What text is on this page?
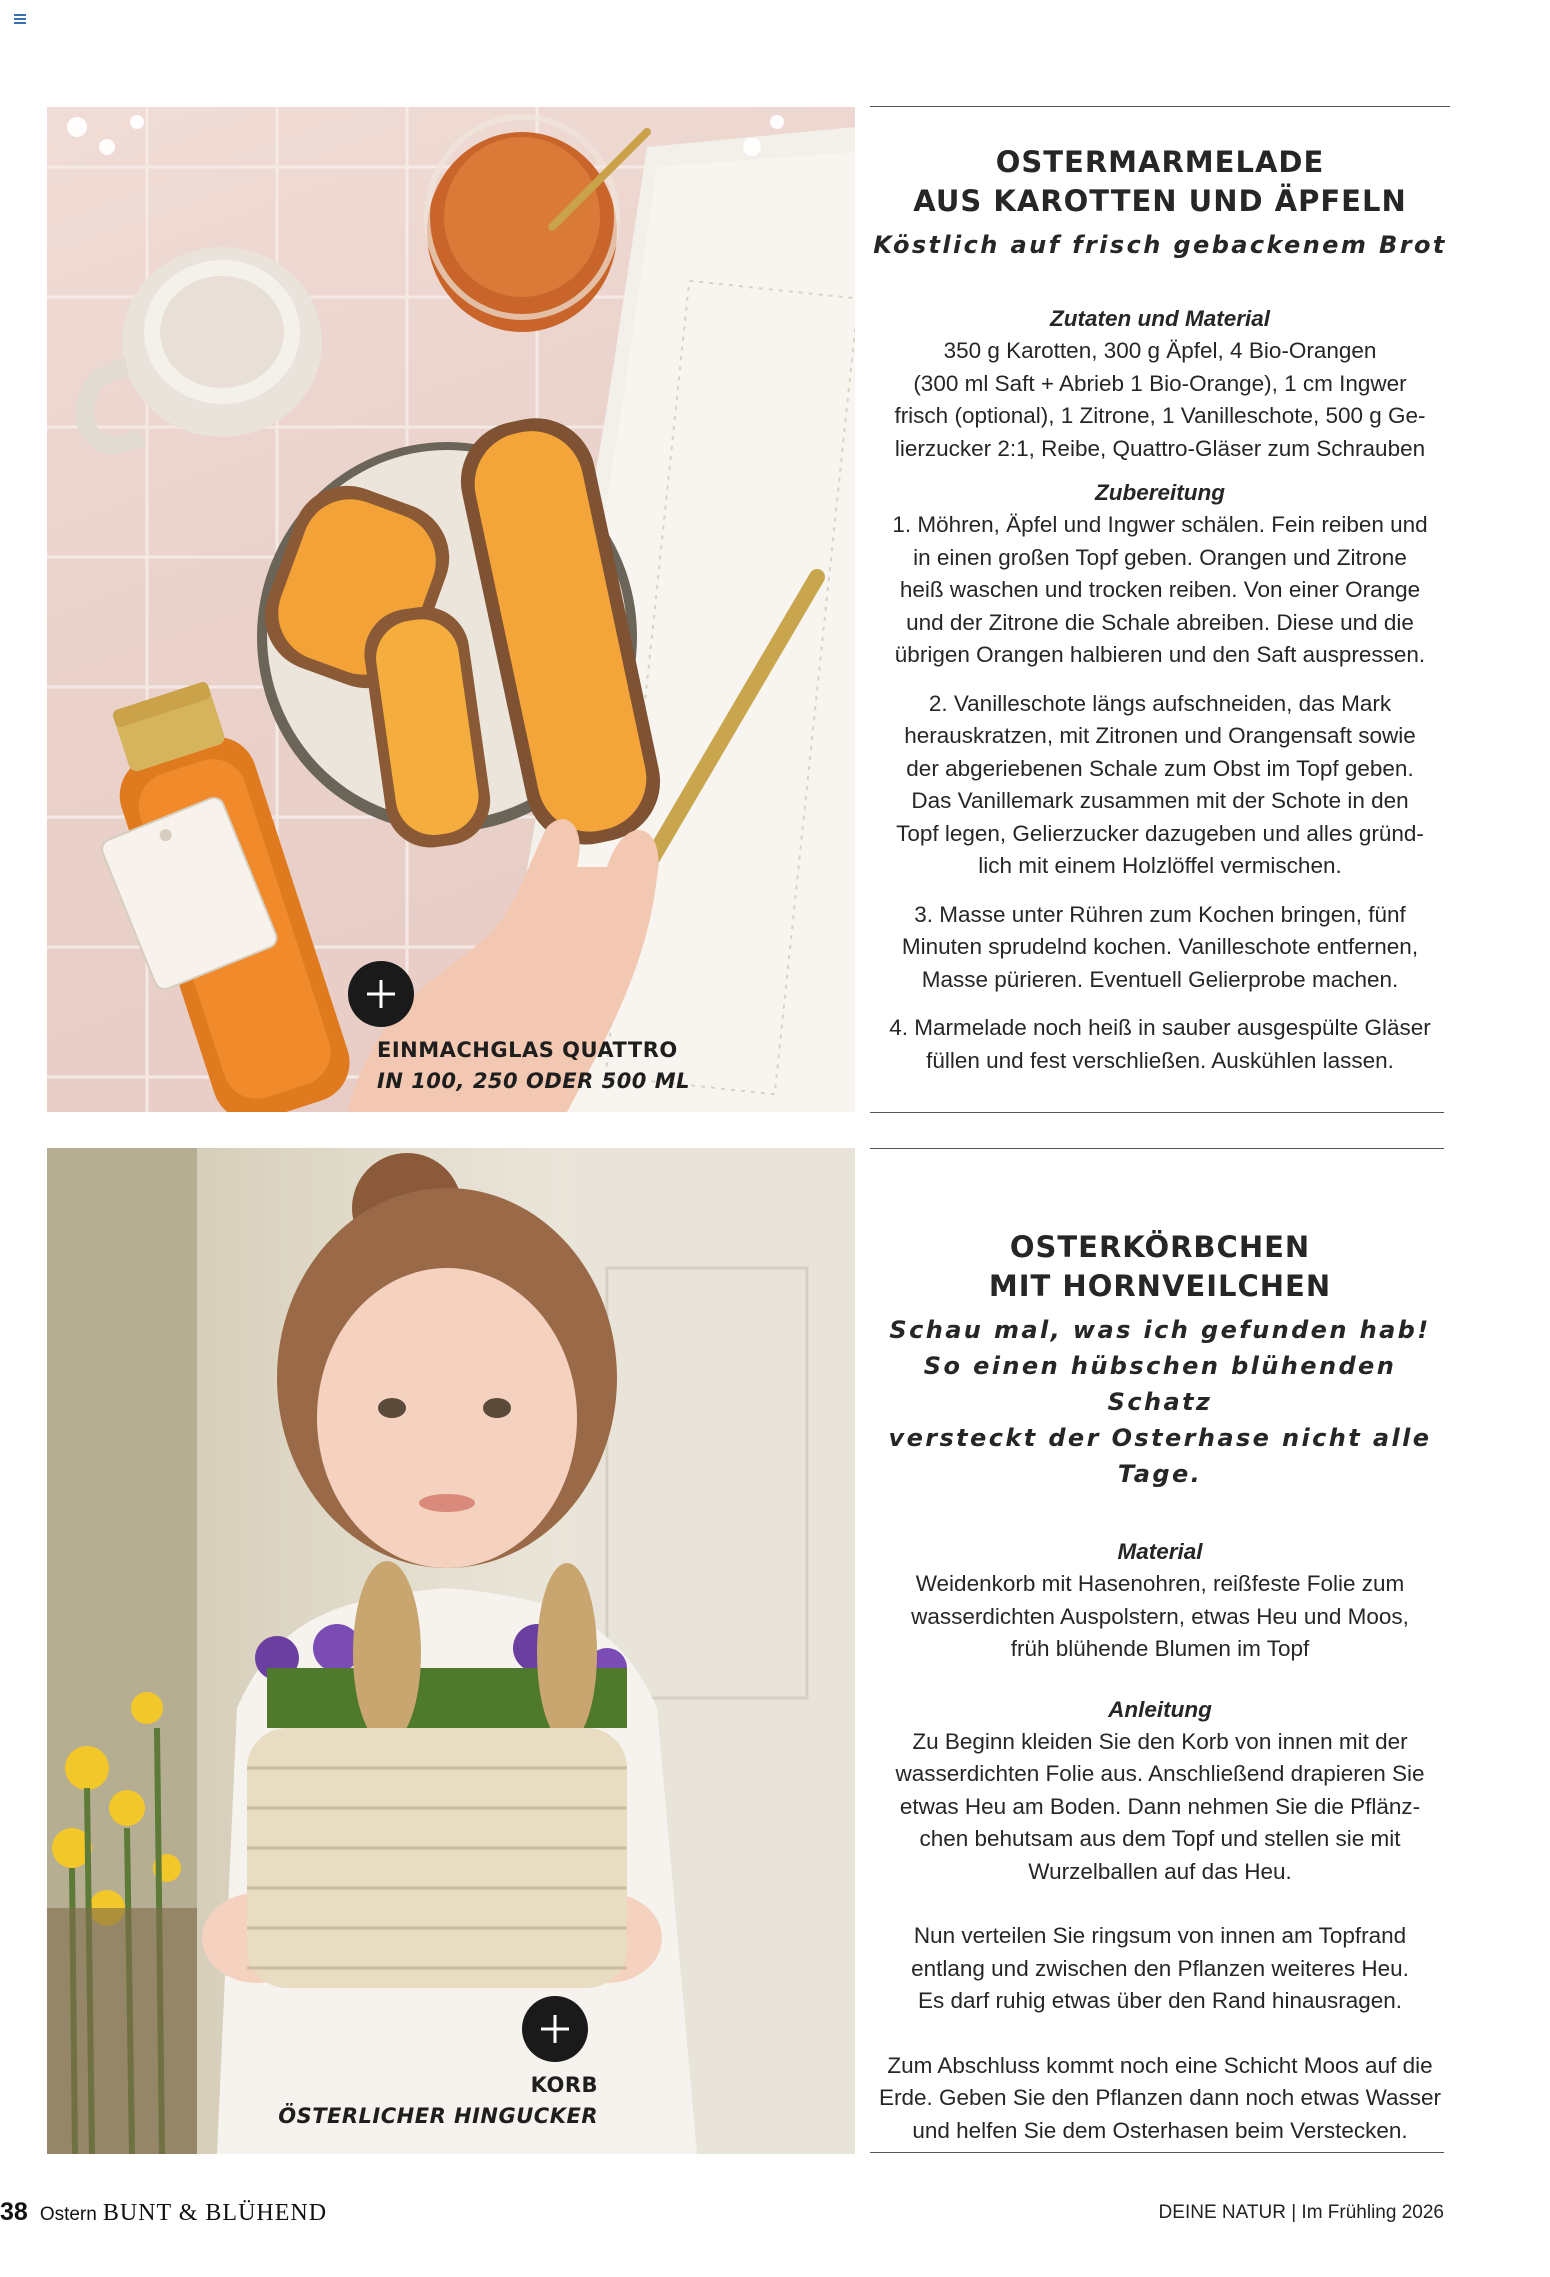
EINMACHGLAS QUATTRO
IN 100, 250 ODER 500 ML
OSTERMARMELADE
AUS KAROTTEN UND ÄPFELN
Köstlich auf frisch gebackenem Brot
Zutaten und Material
350 g Karotten, 300 g Äpfel, 4 Bio-Orangen
(300 ml Saft + Abrieb 1 Bio-Orange), 1 cm Ingwer
frisch (optional), 1 Zitrone, 1 Vanilleschote, 500 g Ge-
lierzucker 2:1, Reibe, Quattro-Gläser zum Schrauben
Zubereitung
1. Möhren, Äpfel und Ingwer schälen. Fein reiben und
in einen großen Topf geben. Orangen und Zitrone
heiß waschen und trocken reiben. Von einer Orange
und der Zitrone die Schale abreiben. Diese und die
übrigen Orangen halbieren und den Saft auspressen.
2. Vanilleschote längs aufschneiden, das Mark
herauskratzen, mit Zitronen und Orangensaft sowie
der abgeriebenen Schale zum Obst im Topf geben.
Das Vanillemark zusammen mit der Schote in den
Topf legen, Gelierzucker dazugeben und alles gründ-
lich mit einem Holzlöffel vermischen.
3. Masse unter Rühren zum Kochen bringen, fünf
Minuten sprudelnd kochen. Vanilleschote entfernen,
Masse pürieren. Eventuell Gelierprobe machen.
4. Marmelade noch heiß in sauber ausgespülte Gläser
füllen und fest verschließen. Auskühlen lassen.
KORB
ÖSTERLICHER HINGUCKER
OSTERKÖRBCHEN
MIT HORNVEILCHEN
Schau mal, was ich gefunden hab!
So einen hübschen blühenden Schatz
versteckt der Osterhase nicht alle Tage.
Material
Weidenkorb mit Hasenohren, reißfeste Folie zum
wasserdichten Auspolstern, etwas Heu und Moos,
früh blühende Blumen im Topf
Anleitung
Zu Beginn kleiden Sie den Korb von innen mit der
wasserdichten Folie aus. Anschließend drapieren Sie
etwas Heu am Boden. Dann nehmen Sie die Pflänz-
chen behutsam aus dem Topf und stellen sie mit
Wurzelballen auf das Heu.
Nun verteilen Sie ringsum von innen am Topfrand
entlang und zwischen den Pflanzen weiteres Heu.
Es darf ruhig etwas über den Rand hinausragen.
Zum Abschluss kommt noch eine Schicht Moos auf die
Erde. Geben Sie den Pflanzen dann noch etwas Wasser
und helfen Sie dem Osterhasen beim Verstecken.
38 Ostern BUNT & BLÜHEND	DEINE NATUR | Im Frühling 2026
